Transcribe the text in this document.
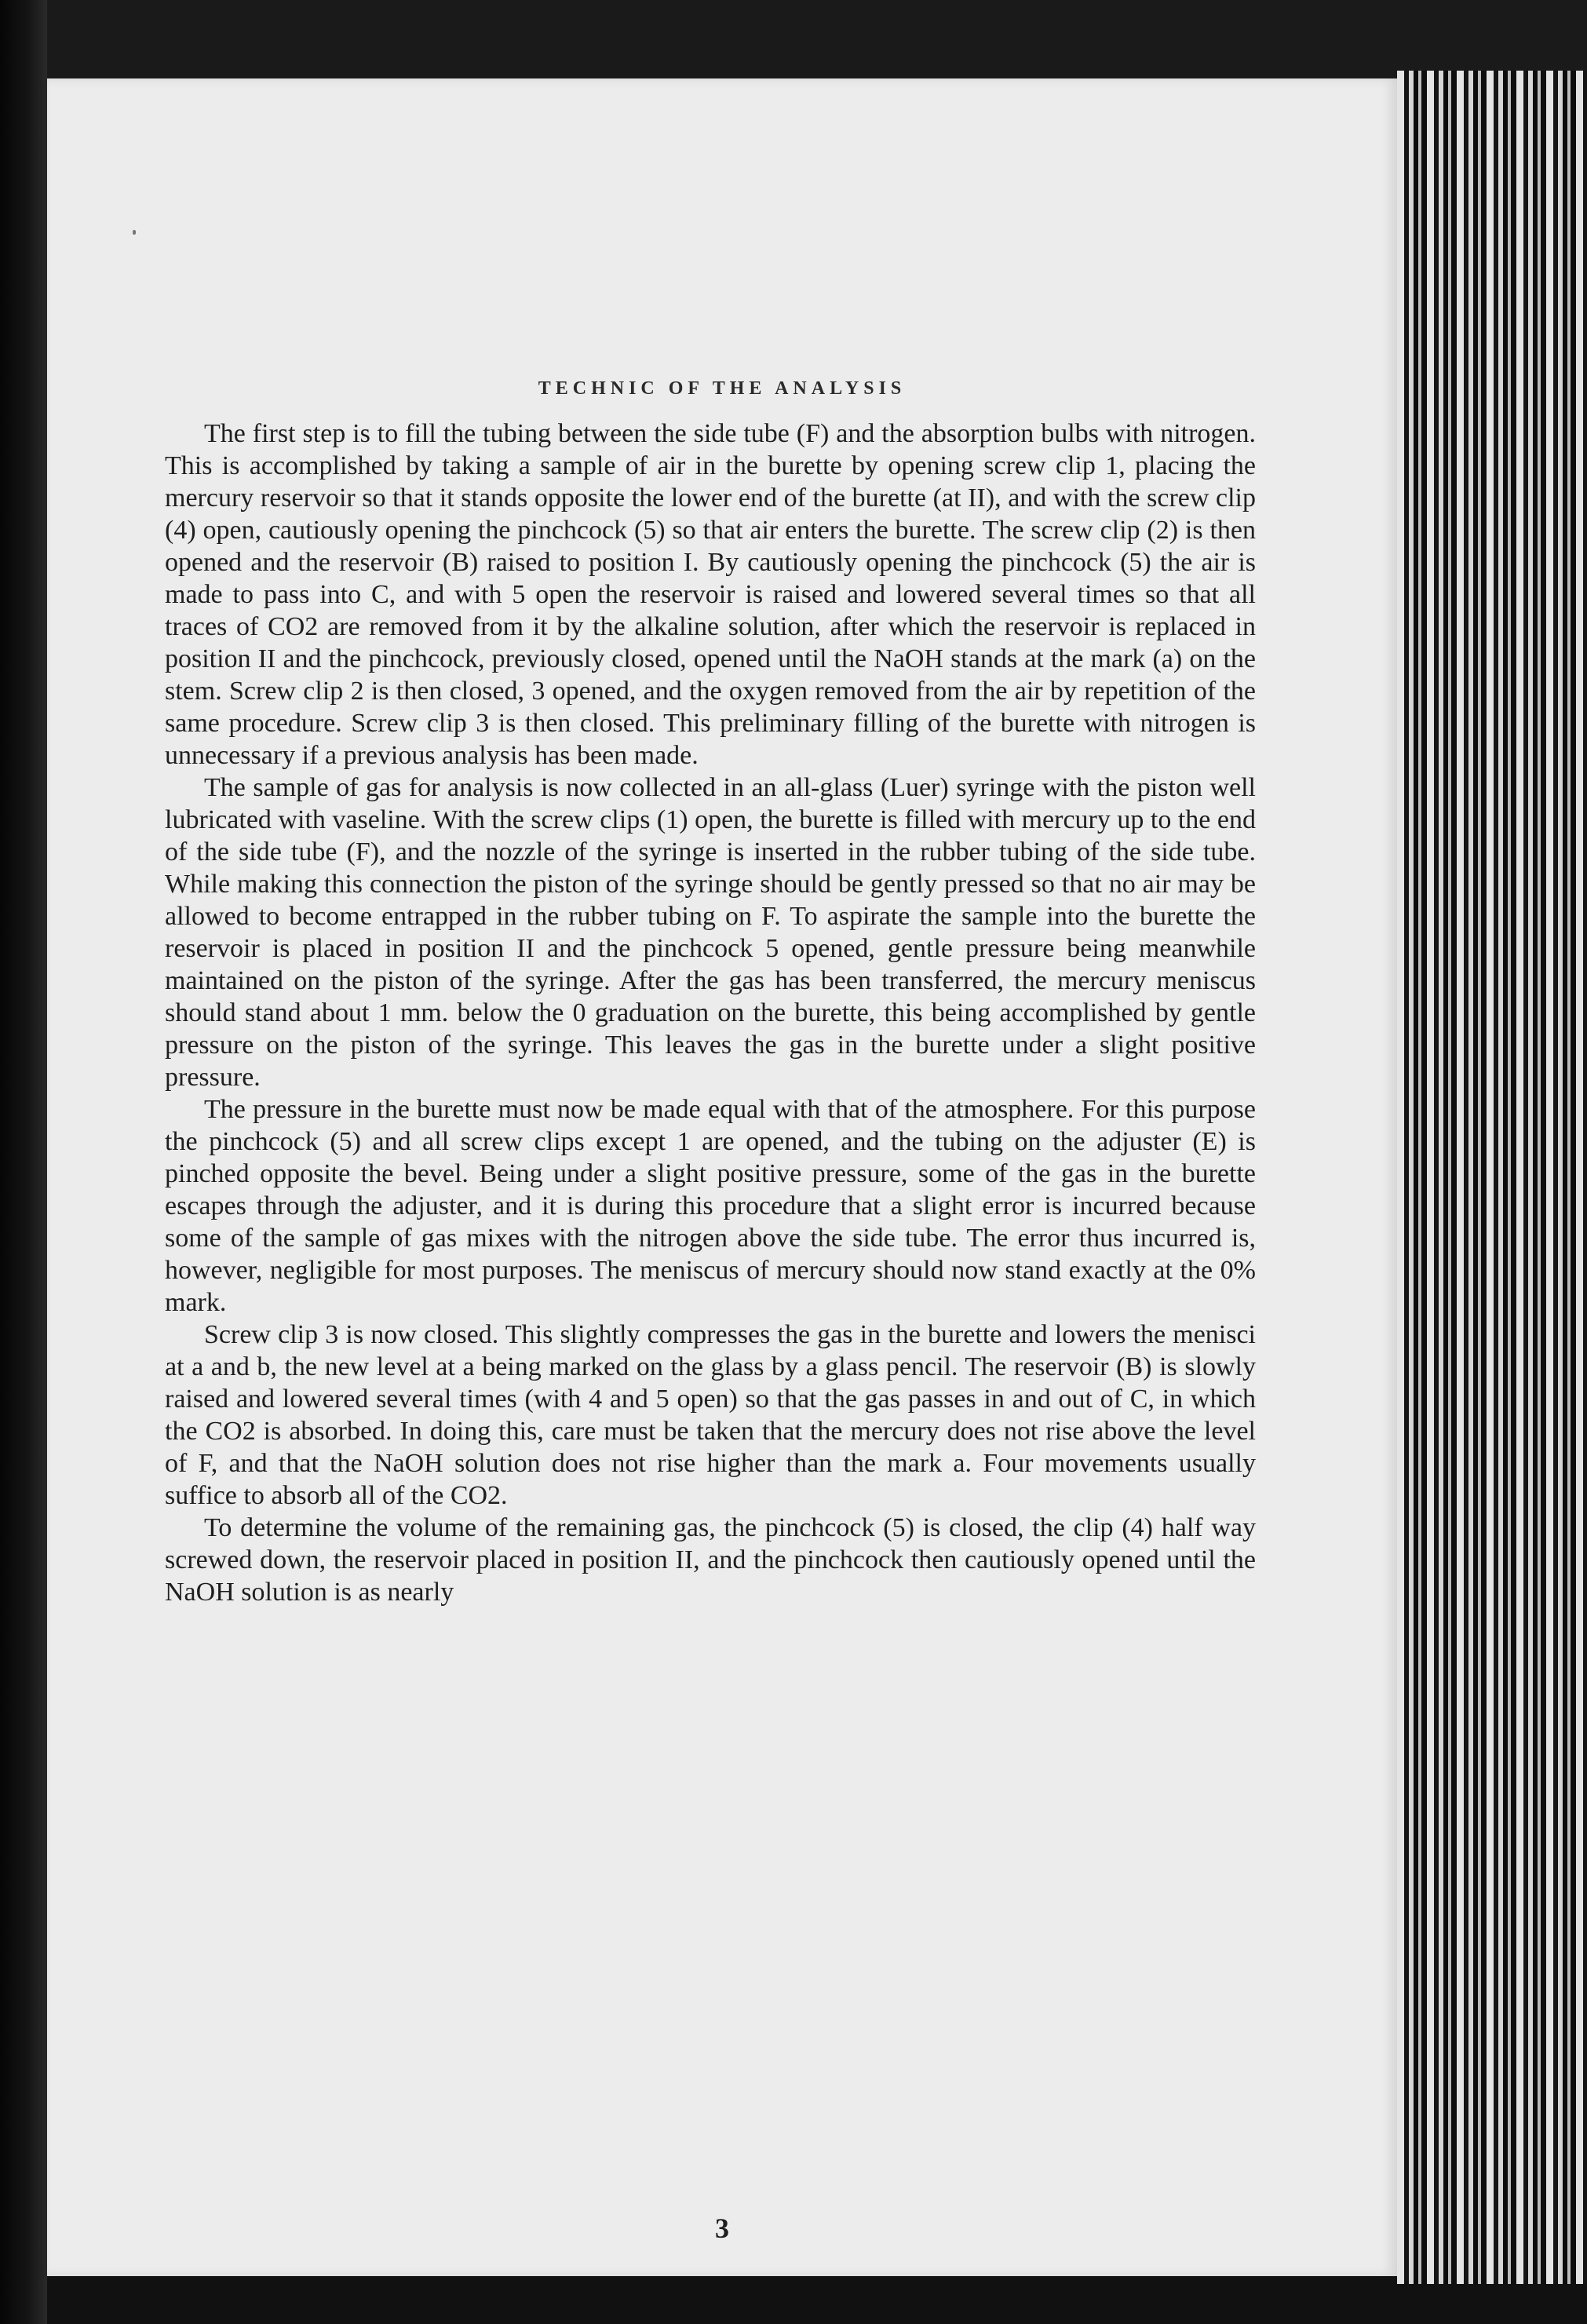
TECHNIC OF THE ANALYSIS

The first step is to fill the tubing between the side tube (F) and the absorption bulbs with nitrogen. This is accomplished by taking a sample of air in the burette by opening screw clip 1, placing the mercury reservoir so that it stands opposite the lower end of the burette (at II), and with the screw clip (4) open, cautiously opening the pinchcock (5) so that air enters the burette. The screw clip (2) is then opened and the reservoir (B) raised to position I. By cautiously opening the pinchcock (5) the air is made to pass into C, and with 5 open the reservoir is raised and lowered several times so that all traces of CO2 are removed from it by the alkaline solution, after which the reservoir is replaced in position II and the pinchcock, previously closed, opened until the NaOH stands at the mark (a) on the stem. Screw clip 2 is then closed, 3 opened, and the oxygen removed from the air by repetition of the same procedure. Screw clip 3 is then closed. This preliminary filling of the burette with nitrogen is unnecessary if a previous analysis has been made.

The sample of gas for analysis is now collected in an all-glass (Luer) syringe with the piston well lubricated with vaseline. With the screw clips (1) open, the burette is filled with mercury up to the end of the side tube (F), and the nozzle of the syringe is inserted in the rubber tubing of the side tube. While making this connection the piston of the syringe should be gently pressed so that no air may be allowed to become entrapped in the rubber tubing on F. To aspirate the sample into the burette the reservoir is placed in position II and the pinchcock 5 opened, gentle pressure being meanwhile maintained on the piston of the syringe. After the gas has been transferred, the mercury meniscus should stand about 1 mm. below the 0 graduation on the burette, this being accomplished by gentle pressure on the piston of the syringe. This leaves the gas in the burette under a slight positive pressure.

The pressure in the burette must now be made equal with that of the atmosphere. For this purpose the pinchcock (5) and all screw clips except 1 are opened, and the tubing on the adjuster (E) is pinched opposite the bevel. Being under a slight positive pressure, some of the gas in the burette escapes through the adjuster, and it is during this procedure that a slight error is incurred because some of the sample of gas mixes with the nitrogen above the side tube. The error thus incurred is, however, negligible for most purposes. The meniscus of mercury should now stand exactly at the 0% mark.

Screw clip 3 is now closed. This slightly compresses the gas in the burette and lowers the menisci at a and b, the new level at a being marked on the glass by a glass pencil. The reservoir (B) is slowly raised and lowered several times (with 4 and 5 open) so that the gas passes in and out of C, in which the CO2 is absorbed. In doing this, care must be taken that the mercury does not rise above the level of F, and that the NaOH solution does not rise higher than the mark a. Four movements usually suffice to absorb all of the CO2.

To determine the volume of the remaining gas, the pinchcock (5) is closed, the clip (4) half way screwed down, the reservoir placed in position II, and the pinchcock then cautiously opened until the NaOH solution is as nearly

3
